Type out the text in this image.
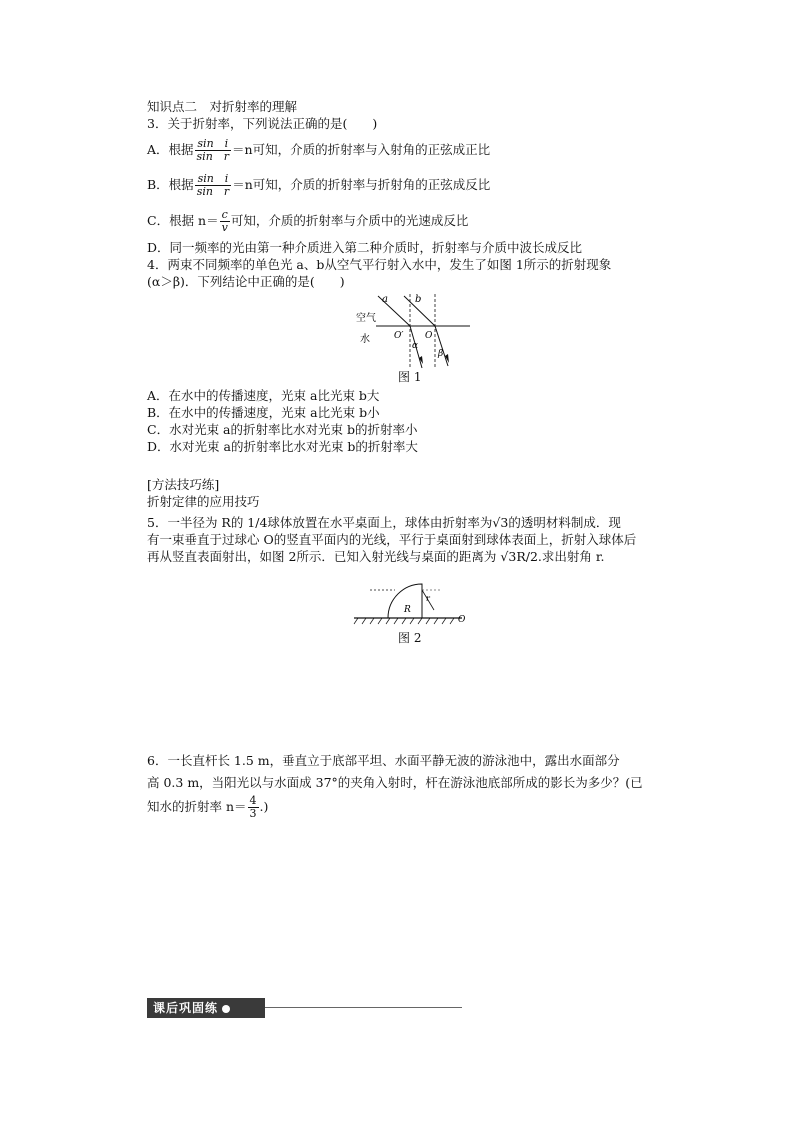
知识点二　对折射率的理解
3．关于折射率，下列说法正确的是(　　)
A．根据 $\frac{\text{sin　i}}{\text{sin　r}} =n$可知，介质的折射率与入射角的正弦成正比
B．根据 $\frac{\text{sin　i}}{\text{sin　r}} =n$可知，介质的折射率与折射角的正弦成反比
C．根据 $n= \frac{c}{v}$ 可知，介质的折射率与介质中的光速成反比
D．同一频率的光由第一种介质进入第二种介质时，折射率与介质中波长成反比
4．两束不同频率的单色光 a、b从空气平行射入水中，发生了如图 1所示的折射现象
(α＞β)．下列结论中正确的是(　　)
空气
水
a	b
O′ O
α
β
图 1
A．在水中的传播速度，光束 a比光束 b大
B．在水中的传播速度，光束 a比光束 b小
C．水对光束 a的折射率比水对光束 b的折射率小
D．水对光束 a的折射率比水对光束 b的折射率大
[方法技巧练]
折射定律的应用技巧
5．一半径为 R的 1/4球体放置在水平桌面上，球体由折射率为√3的透明材料制成．现
有一束垂直于过球心 O的竖直平面内的光线，平行于桌面射到球体表面上，折射入球体后
再从竖直表面射出，如图 2所示．已知入射光线与桌面的距离为 √3R/2.求出射角 r.
R
r
O
图 2
6．一长直杆长 1.5 m，垂直立于底部平坦、水面平静无波的游泳池中，露出水面部分
高 0.3 m，当阳光以与水面成 37°的夹角入射时，杆在游泳池底部所成的影长为多少？(已
知水的折射率 $n= \frac{4}{3}$ .)
课后巩固练
